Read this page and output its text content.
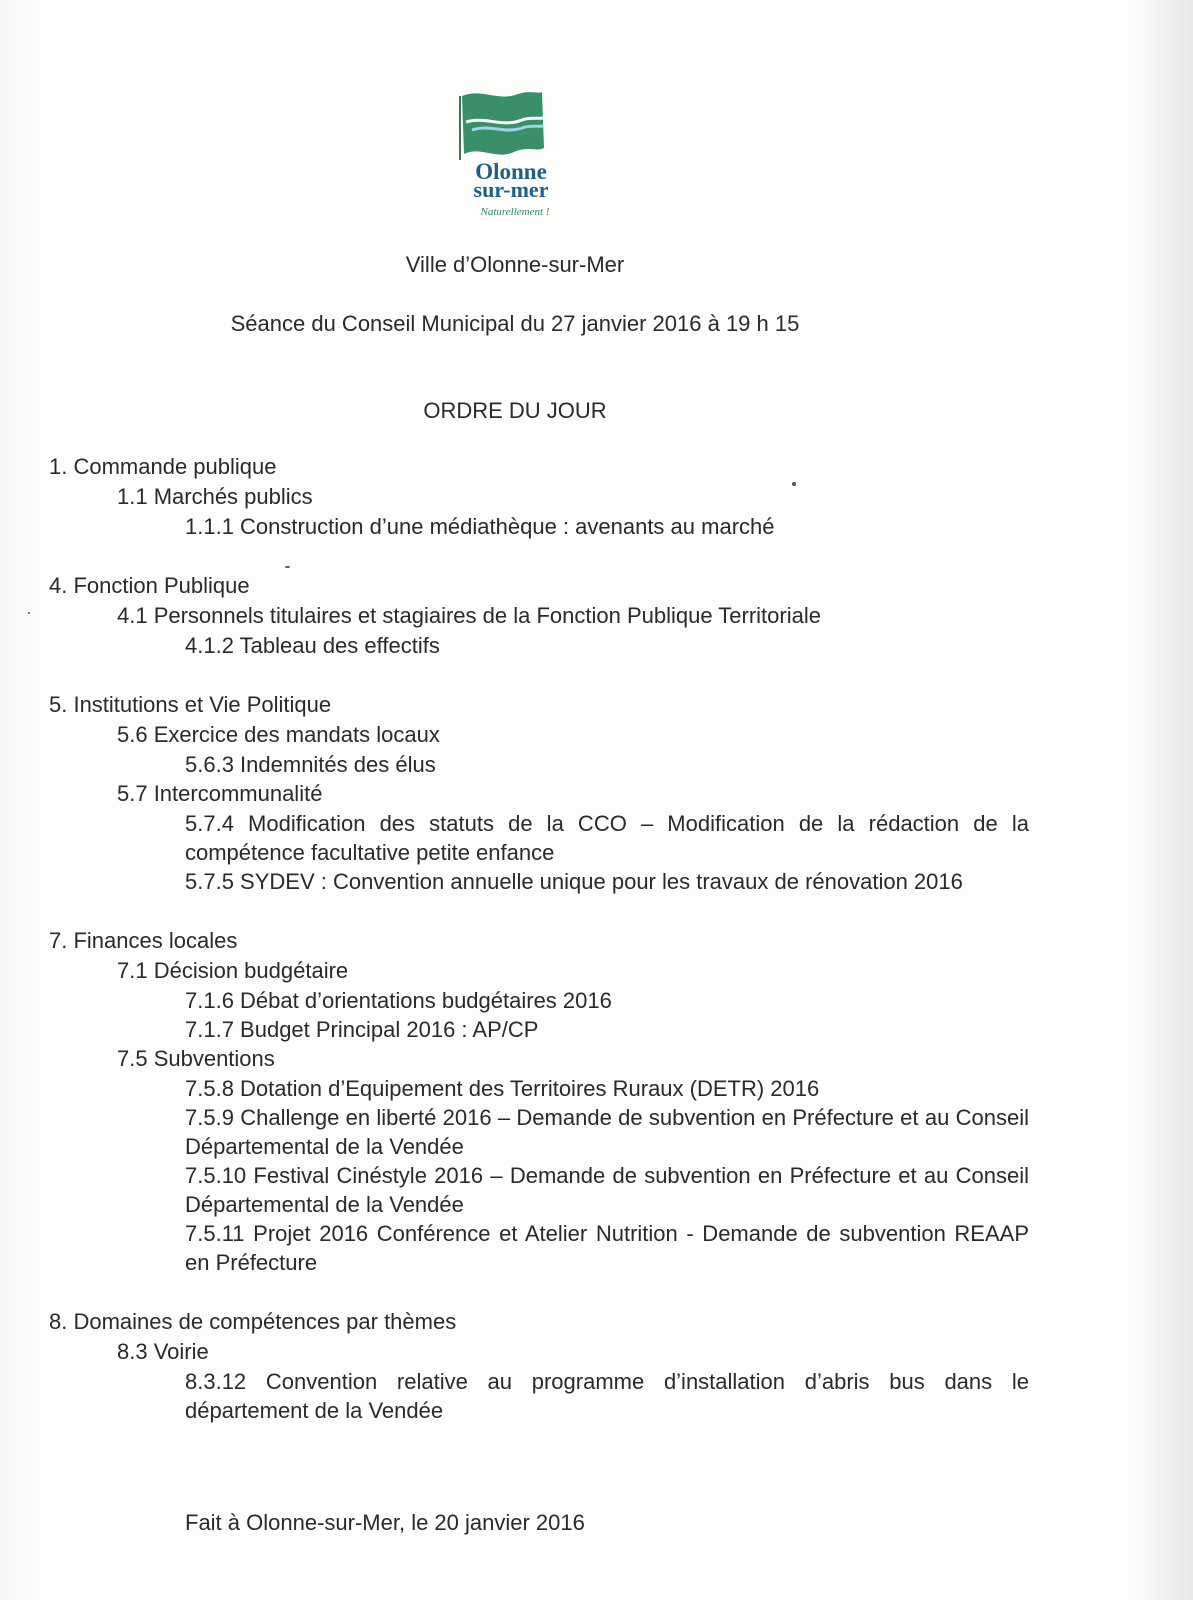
Olonne
sur-mer
Naturellement !
Ville d’Olonne-sur-Mer
Séance du Conseil Municipal du 27 janvier 2016 à 19 h 15
ORDRE DU JOUR
1. Commande publique
1.1 Marchés publics
1.1.1 Construction d’une médiathèque : avenants au marché
4. Fonction Publique
4.1 Personnels titulaires et stagiaires de la Fonction Publique Territoriale
4.1.2 Tableau des effectifs
5. Institutions et Vie Politique
5.6 Exercice des mandats locaux
5.6.3 Indemnités des élus
5.7 Intercommunalité
5.7.4 Modification des statuts de la CCO – Modification de la rédaction de la compétence facultative petite enfance
5.7.5 SYDEV : Convention annuelle unique pour les travaux de rénovation 2016
7. Finances locales
7.1 Décision budgétaire
7.1.6 Débat d’orientations budgétaires 2016
7.1.7 Budget Principal 2016 : AP/CP
7.5 Subventions
7.5.8 Dotation d’Equipement des Territoires Ruraux (DETR) 2016
7.5.9 Challenge en liberté 2016 – Demande de subvention en Préfecture et au Conseil Départemental de la Vendée
7.5.10 Festival Cinéstyle 2016 – Demande de subvention en Préfecture et au Conseil Départemental de la Vendée
7.5.11 Projet 2016 Conférence et Atelier Nutrition - Demande de subvention REAAP en Préfecture
8. Domaines de compétences par thèmes
8.3 Voirie
8.3.12 Convention relative au programme d’installation d’abris bus dans le département de la Vendée
Fait à Olonne-sur-Mer, le 20 janvier 2016
